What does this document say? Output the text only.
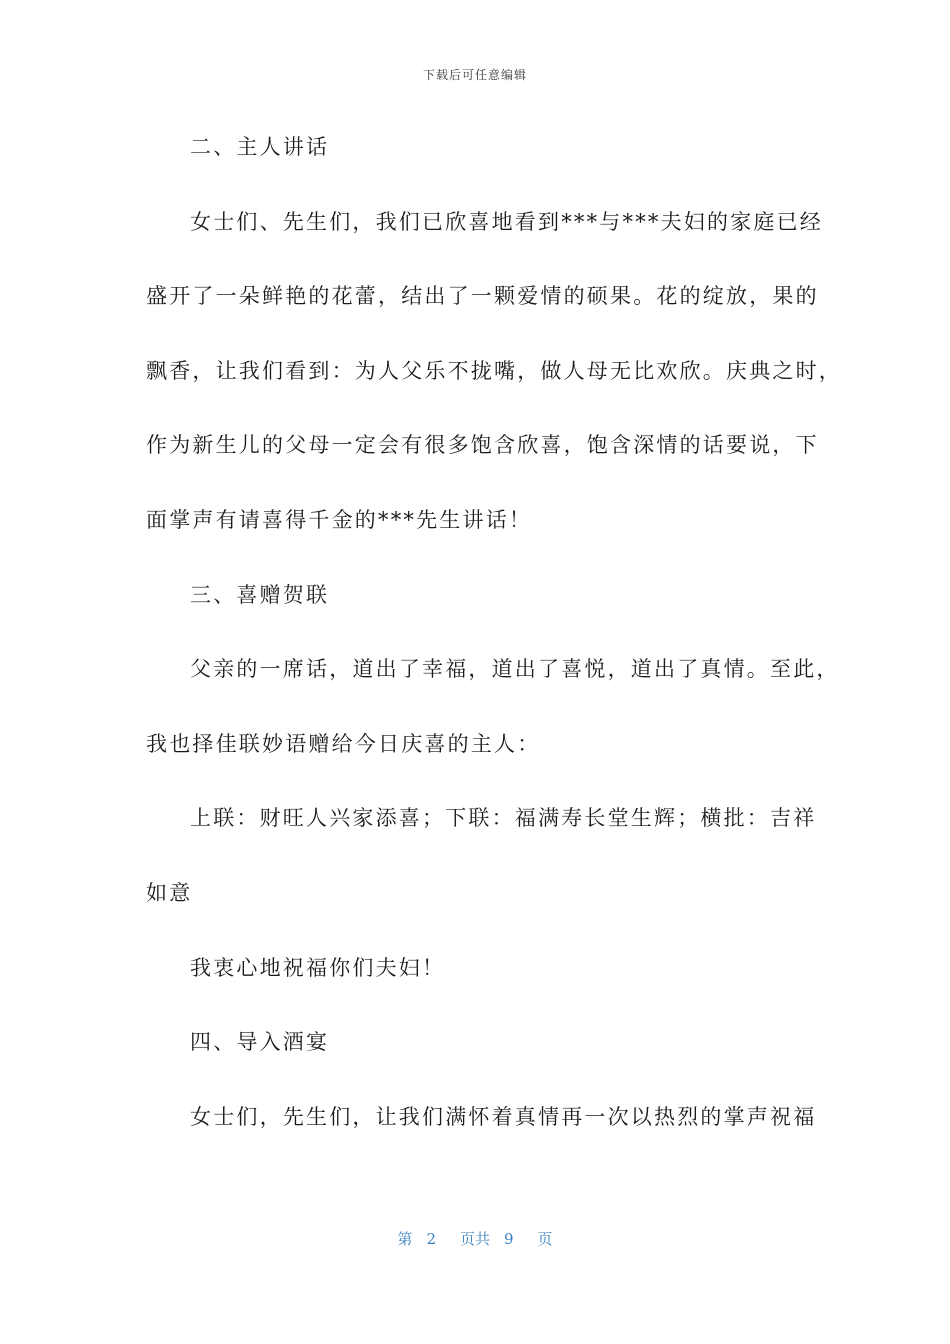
下载后可任意编辑
二、主人讲话
女士们、先生们，我们已欣喜地看到***与***夫妇的家庭已经
盛开了一朵鲜艳的花蕾，结出了一颗爱情的硕果。花的绽放，果的
飘香，让我们看到：为人父乐不拢嘴，做人母无比欢欣。庆典之时，
作为新生儿的父母一定会有很多饱含欣喜，饱含深情的话要说，下
面掌声有请喜得千金的***先生讲话！
三、喜赠贺联
父亲的一席话，道出了幸福，道出了喜悦，道出了真情。至此，
我也择佳联妙语赠给今日庆喜的主人：
上联：财旺人兴家添喜；下联：福满寿长堂生辉；横批：吉祥
如意
我衷心地祝福你们夫妇！
四、导入酒宴
女士们，先生们，让我们满怀着真情再一次以热烈的掌声祝福
第 2 页共 9 页
